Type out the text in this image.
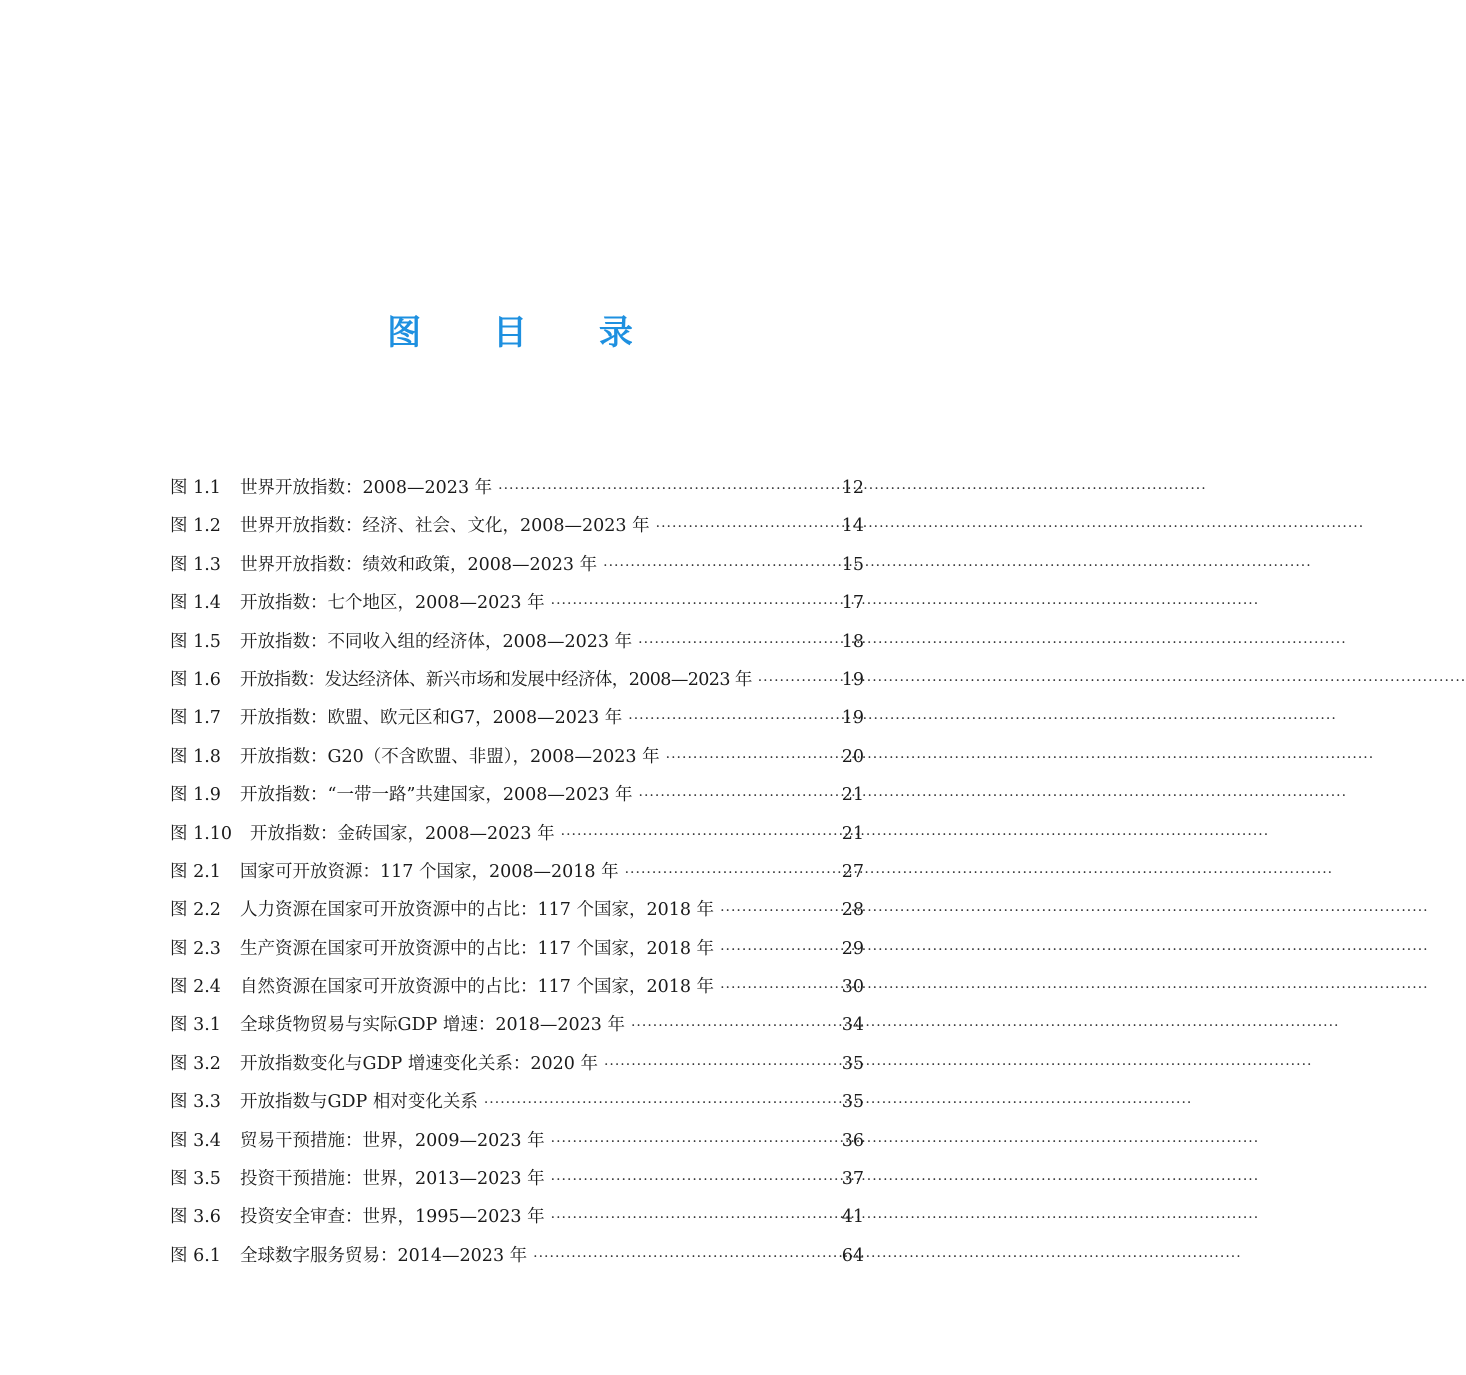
图 目 录
图 1.1	世界开放指数：2008—2023 年 ·····	12
图 1.2	世界开放指数：经济、社会、文化，2008—2023 年 ·····	14
图 1.3	世界开放指数：绩效和政策，2008—2023 年 ·····	15
图 1.4	开放指数：七个地区，2008—2023 年 ·····	17
图 1.5	开放指数：不同收入组的经济体，2008—2023 年 ·····	18
图 1.6	开放指数：发达经济体、新兴市场和发展中经济体，2008—2023 年 ·····	19
图 1.7	开放指数：欧盟、欧元区和G7，2008—2023 年 ·····	19
图 1.8	开放指数：G20（不含欧盟、非盟），2008—2023 年 ·····	20
图 1.9	开放指数：“一带一路”共建国家，2008—2023 年 ·····	21
图 1.10	开放指数：金砖国家，2008—2023 年 ·····	21
图 2.1	国家可开放资源：117 个国家，2008—2018 年 ·····	27
图 2.2	人力资源在国家可开放资源中的占比：117 个国家，2018 年 ·····	28
图 2.3	生产资源在国家可开放资源中的占比：117 个国家，2018 年 ·····	29
图 2.4	自然资源在国家可开放资源中的占比：117 个国家，2018 年 ·····	30
图 3.1	全球货物贸易与实际GDP 增速：2018—2023 年 ·····	34
图 3.2	开放指数变化与GDP 增速变化关系：2020 年 ·····	35
图 3.3	开放指数与GDP 相对变化关系 ·····	35
图 3.4	贸易干预措施：世界，2009—2023 年 ·····	36
图 3.5	投资干预措施：世界，2013—2023 年 ·····	37
图 3.6	投资安全审查：世界，1995—2023 年 ·····	41
图 6.1	全球数字服务贸易：2014—2023 年 ·····	64
